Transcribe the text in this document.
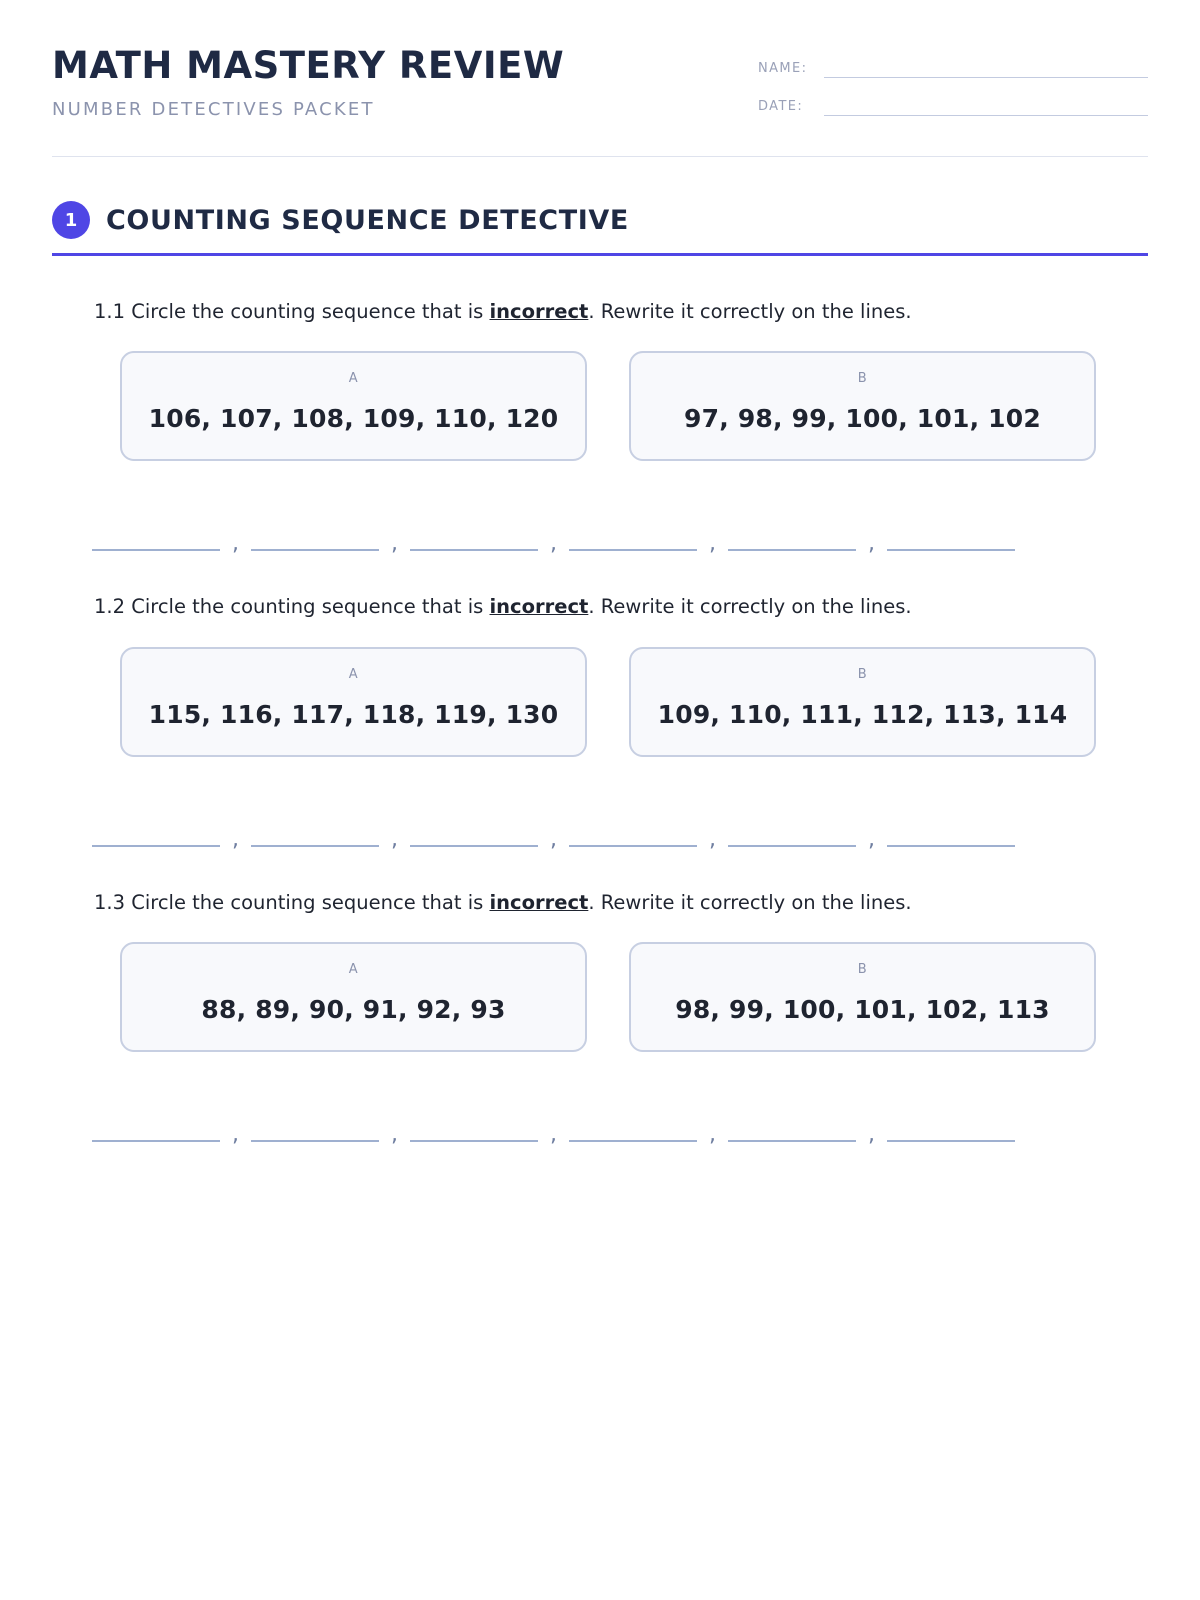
MATH MASTERY REVIEW
NUMBER DETECTIVES PACKET
NAME:
DATE:
1	COUNTING SEQUENCE DETECTIVE
1.1 Circle the counting sequence that is incorrect. Rewrite it correctly on the lines.
A
106, 107, 108, 109, 110, 120
B
97, 98, 99, 100, 101, 102
,	,	,	,	,
1.2 Circle the counting sequence that is incorrect. Rewrite it correctly on the lines.
A
115, 116, 117, 118, 119, 130
B
109, 110, 111, 112, 113, 114
,	,	,	,	,
1.3 Circle the counting sequence that is incorrect. Rewrite it correctly on the lines.
A
88, 89, 90, 91, 92, 93
B
98, 99, 100, 101, 102, 113
,	,	,	,	,
